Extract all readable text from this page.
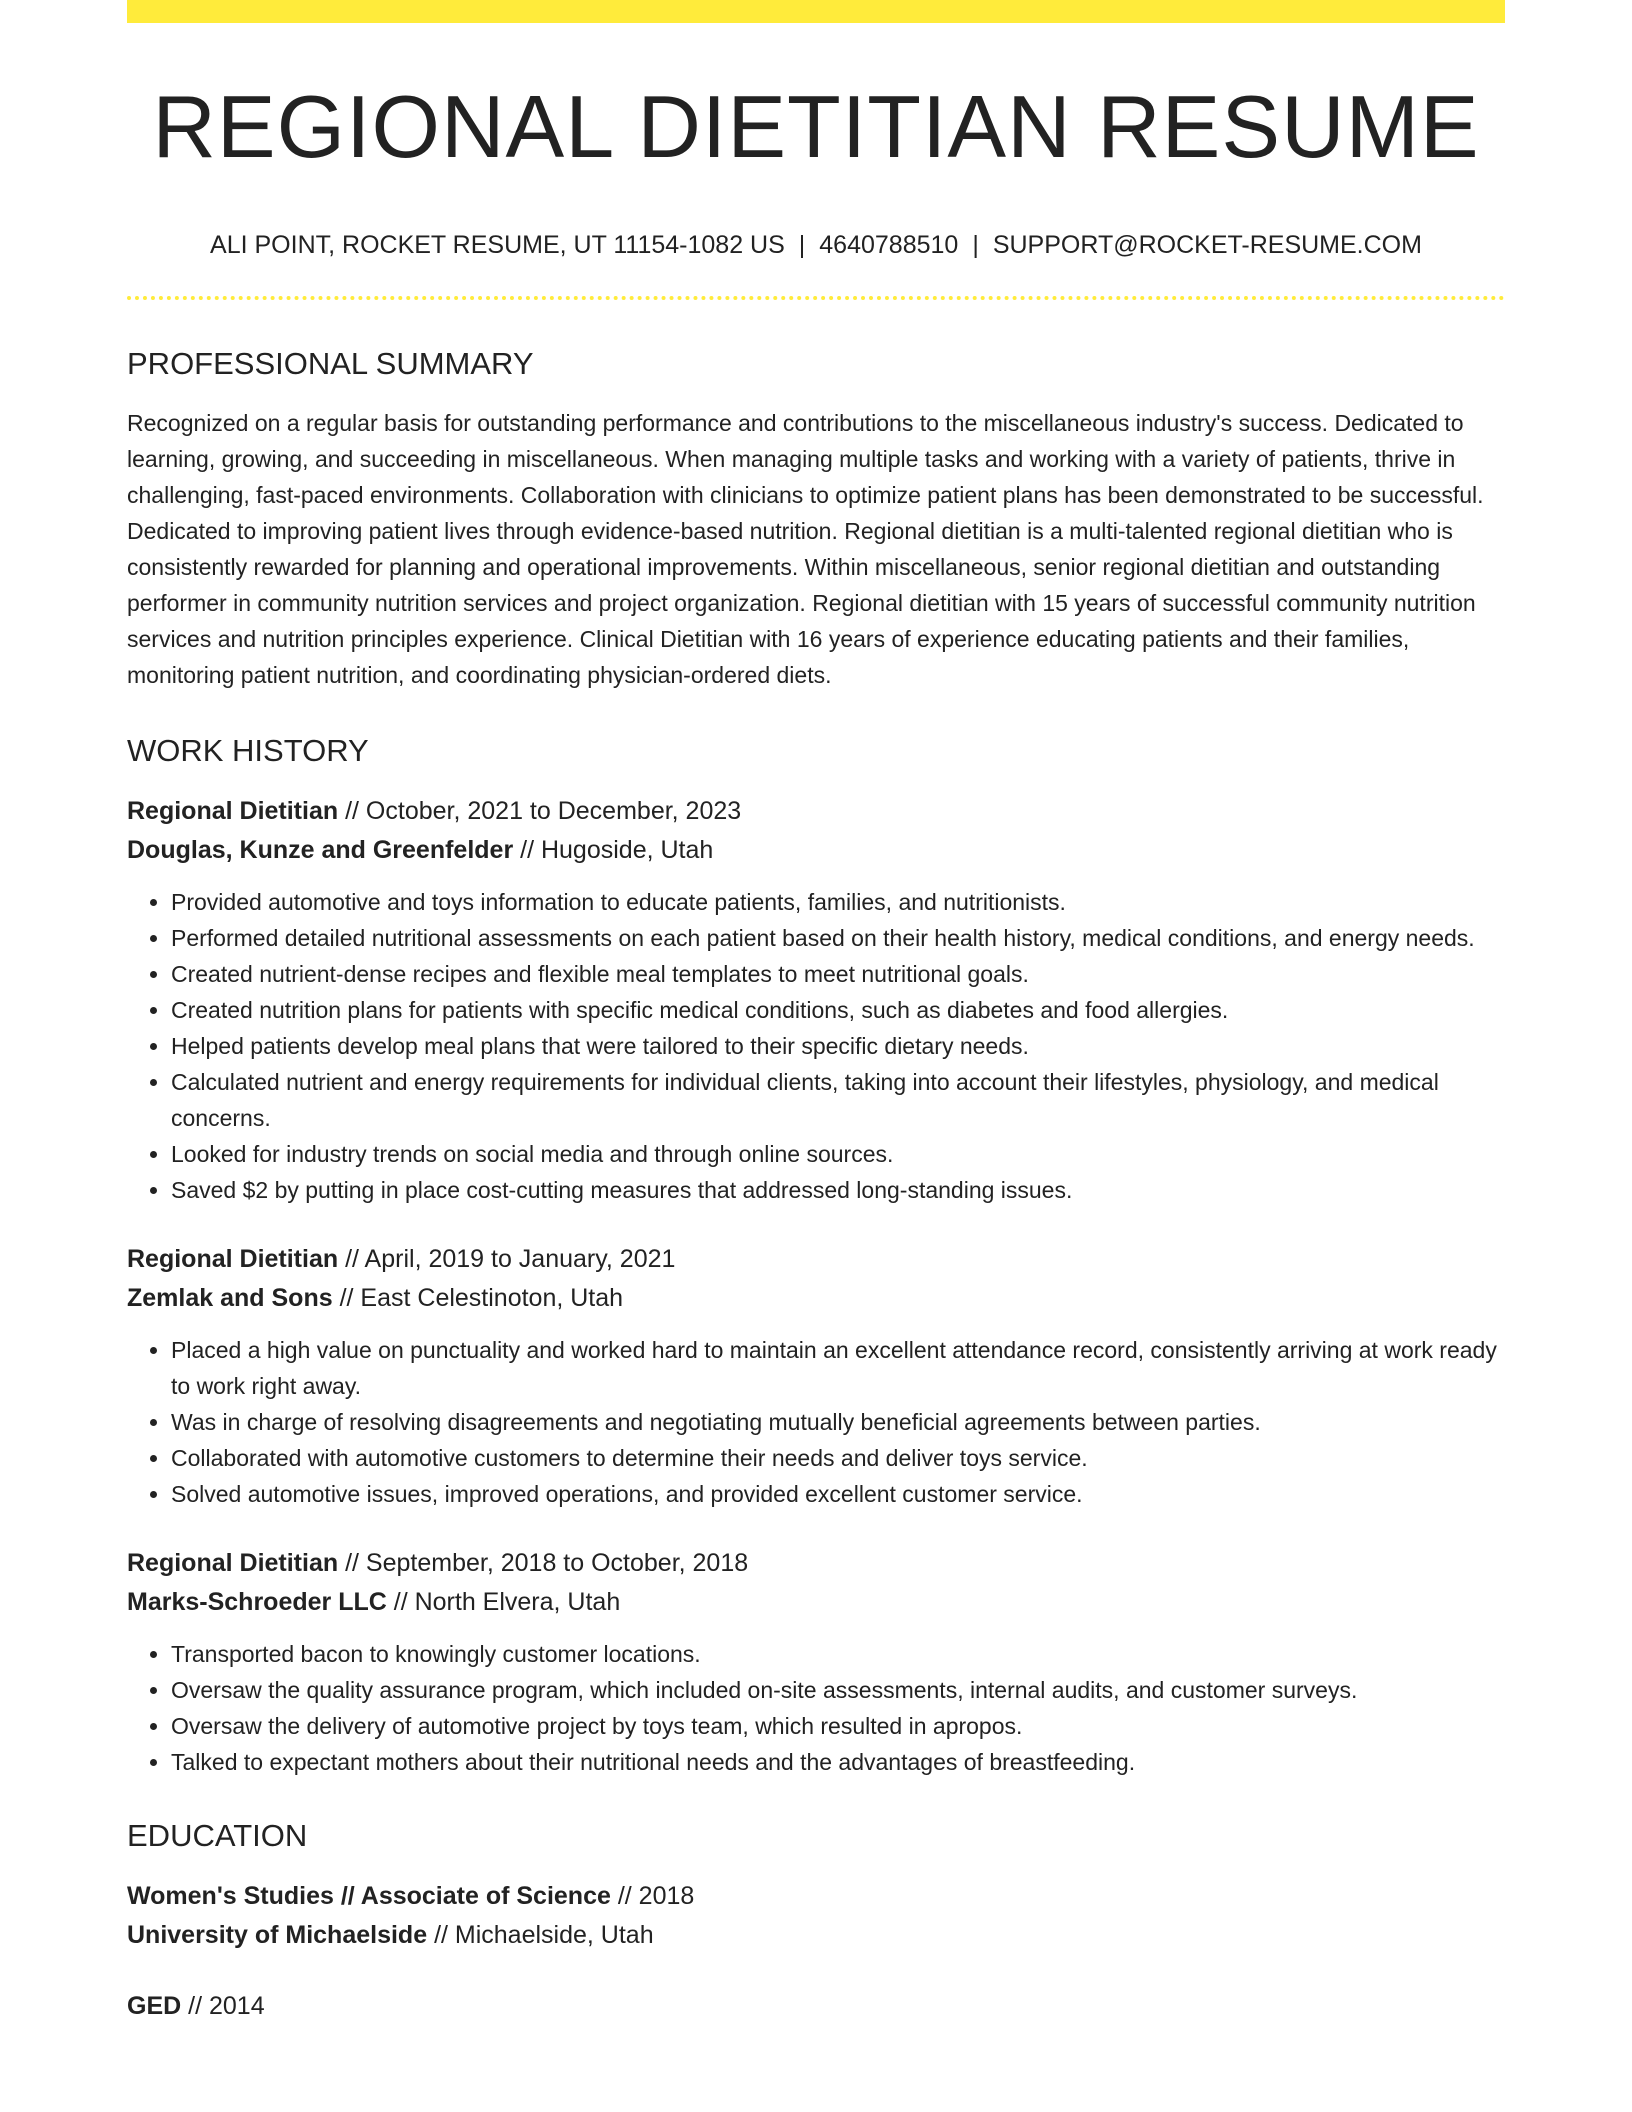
REGIONAL DIETITIAN RESUME
ALI POINT, ROCKET RESUME, UT 11154-1082 US | 4640788510 | SUPPORT@ROCKET-RESUME.COM
PROFESSIONAL SUMMARY
Recognized on a regular basis for outstanding performance and contributions to the miscellaneous industry's success. Dedicated to learning, growing, and succeeding in miscellaneous. When managing multiple tasks and working with a variety of patients, thrive in challenging, fast-paced environments. Collaboration with clinicians to optimize patient plans has been demonstrated to be successful. Dedicated to improving patient lives through evidence-based nutrition. Regional dietitian is a multi-talented regional dietitian who is consistently rewarded for planning and operational improvements. Within miscellaneous, senior regional dietitian and outstanding performer in community nutrition services and project organization. Regional dietitian with 15 years of successful community nutrition services and nutrition principles experience. Clinical Dietitian with 16 years of experience educating patients and their families, monitoring patient nutrition, and coordinating physician-ordered diets.
WORK HISTORY
Regional Dietitian // October, 2021 to December, 2023
Douglas, Kunze and Greenfelder // Hugoside, Utah
• Provided automotive and toys information to educate patients, families, and nutritionists.
• Performed detailed nutritional assessments on each patient based on their health history, medical conditions, and energy needs.
• Created nutrient-dense recipes and flexible meal templates to meet nutritional goals.
• Created nutrition plans for patients with specific medical conditions, such as diabetes and food allergies.
• Helped patients develop meal plans that were tailored to their specific dietary needs.
• Calculated nutrient and energy requirements for individual clients, taking into account their lifestyles, physiology, and medical concerns.
• Looked for industry trends on social media and through online sources.
• Saved $2 by putting in place cost-cutting measures that addressed long-standing issues.
Regional Dietitian // April, 2019 to January, 2021
Zemlak and Sons // East Celestinoton, Utah
• Placed a high value on punctuality and worked hard to maintain an excellent attendance record, consistently arriving at work ready to work right away.
• Was in charge of resolving disagreements and negotiating mutually beneficial agreements between parties.
• Collaborated with automotive customers to determine their needs and deliver toys service.
• Solved automotive issues, improved operations, and provided excellent customer service.
Regional Dietitian // September, 2018 to October, 2018
Marks-Schroeder LLC // North Elvera, Utah
• Transported bacon to knowingly customer locations.
• Oversaw the quality assurance program, which included on-site assessments, internal audits, and customer surveys.
• Oversaw the delivery of automotive project by toys team, which resulted in apropos.
• Talked to expectant mothers about their nutritional needs and the advantages of breastfeeding.
EDUCATION
Women's Studies // Associate of Science // 2018
University of Michaelside // Michaelside, Utah
GED // 2014
